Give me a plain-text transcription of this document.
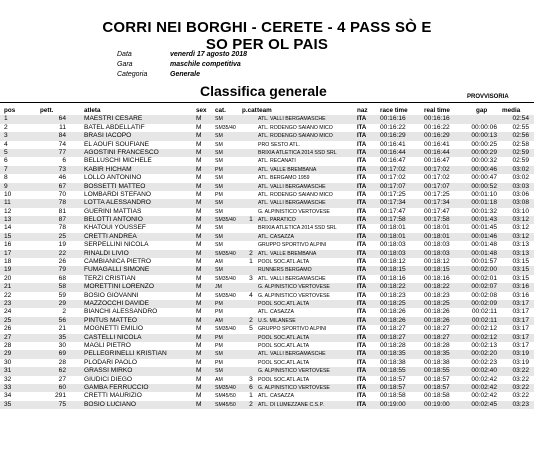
CORRI NEI BORGHI - CERETE - 4 PASS SÒ E
SO PER OL PAIS
Data	venerdì 17 agosto 2018
Gara	maschile competitiva
Categoria	Generale
Classifica generale	PROVVISORIA
pos	pett.	atleta	sex cat.	p.cat team	naz race time	real time	gap media
1	64	MAESTRI CESARE	M	SM	ATL. VALLI BERGAMASCHE	ITA 00:16:16	00:16:16	02:54
2	11	BATEL ABDELLATIF	M	SM35/40	ATL. RODENGO SAIANO MICO	ITA 00:16:22	00:16:22	00:00:06	02:55
3	84	BRASI IACOPO	M	SM	ATL. RODENGO SAIANO MICO	ITA 00:16:29	00:16:29	00:00:13	02:56
4	74	EL AOUFI SOUFIANE	M	SM	PRO SESTO ATL.	ITA 00:16:41	00:16:41	00:00:25	02:58
5	77	AGOSTINI FRANCESCO	M	SM	BRIXIA ATLETICA 2014 SSD SRL	ITA 00:16:44	00:16:44	00:00:29	02:59
6	6	BELLUSCHI MICHELE	M	SM	ATL. RECANATI	ITA 00:16:47	00:16:47	00:00:32	02:59
7	73	KABIR HICHAM	M	PM	ATL. VALLE BREMBANA	ITA 00:17:02	00:17:02	00:00:46	03:02
8	46	LOLLO ANTONINO	M	SM	ATL. BERGAMO 1959	ITA 00:17:02	00:17:02	00:00:47	03:02
9	67	BOSSETTI MATTEO	M	SM	ATL. VALLI BERGAMASCHE	ITA 00:17:07	00:17:07	00:00:52	03:03
10	70	LOMBARDI STEFANO	M	PM	ATL. RODENGO SAIANO MICO	ITA 00:17:25	00:17:25	00:01:10	03:06
11	78	LOTTA ALESSANDRO	M	SM	ATL. VALLI BERGAMASCHE	ITA 00:17:34	00:17:34	00:01:18	03:08
12	81	GUERINI MATTIAS	M	SM	G. ALPINISTICO VERTOVESE	ITA 00:17:47	00:17:47	00:01:32	03:10
13	87	BELOTTI ANTONIO	M	SM35/40	1 ATL. PARATICO	ITA 00:17:58	00:17:58	00:01:43	03:12
14	78	KHATOUI YOUSSEF	M	SM	BRIXIA ATLETICA 2014 SSD SRL	ITA 00:18:01	00:18:01	00:01:45	03:12
15	25	CRETTI ANDREA	M	SM	ATL. CASAZZA	ITA 00:18:01	00:18:01	00:01:46	03:12
16	19	SERPELLINI NICOLA	M	SM	GRUPPO SPORTIVO ALPINI	ITA 00:18:03	00:18:03	00:01:48	03:13
17	22	RINALDI LIVIO	M	SM35/40	2 ATL. VALLE BREMBANA	ITA 00:18:03	00:18:03	00:01:48	03:13
18	26	CAMBIANICA PIETRO	M	AM	1 POOL SOC.ATL.ALTA	ITA 00:18:12	00:18:12	00:01:57	03:15
19	79	FUMAGALLI SIMONE	M	SM	RUNNERS BERGAMO	ITA 00:18:15	00:18:15	00:02:00	03:15
20	68	TERZI CRISTIAN	M	SM35/40	3 ATL. VALLI BERGAMASCHE	ITA 00:18:16	00:18:16	00:02:01	03:15
21	58	MORETTINI LORENZO	M	JM	G. ALPINISTICO VERTOVESE	ITA 00:18:22	00:18:22	00:02:07	03:16
22	59	BOSIO GIOVANNI	M	SM35/40	4 G. ALPINISTICO VERTOVESE	ITA 00:18:23	00:18:23	00:02:08	03:16
23	29	MAZZOCCHI DAVIDE	M	PM	POOL SOC.ATL.ALTA	ITA 00:18:25	00:18:25	00:02:09	03:17
24	2	BIANCHI ALESSANDRO	M	PM	ATL. CASAZZA	ITA 00:18:26	00:18:26	00:02:11	03:17
25	56	PINTUS MATTEO	M	AM	2 U.S. MILANESE	ITA 00:18:26	00:18:26	00:02:11	03:17
26	21	MOGNETTI EMILIO	M	SM35/40	5 GRUPPO SPORTIVO ALPINI	ITA 00:18:27	00:18:27	00:02:12	03:17
27	35	CASTELLI NICOLA	M	PM	POOL SOC.ATL.ALTA	ITA 00:18:27	00:18:27	00:02:12	03:17
28	30	MAGLI PIETRO	M	PM	POOL SOC.ATL.ALTA	ITA 00:18:28	00:18:28	00:02:13	03:17
29	69	PELLEGRINELLI KRISTIAN	M	SM	ATL. VALLI BERGAMASCHE	ITA 00:18:35	00:18:35	00:02:20	03:19
30	28	PLODARI PAOLO	M	PM	POOL SOC.ATL.ALTA	ITA 00:18:38	00:18:38	00:02:23	03:19
31	62	GRASSI MIRKO	M	SM	G. ALPINISTICO VERTOVESE	ITA 00:18:55	00:18:55	00:02:40	03:22
32	27	GIUDICI DIEGO	M	AM	3 POOL SOC.ATL.ALTA	ITA 00:18:57	00:18:57	00:02:42	03:22
33	60	GAMBA FERRUCCIO	M	SM35/40	6 G. ALPINISTICO VERTOVESE	ITA 00:18:57	00:18:57	00:02:42	03:22
34	291	CRETTI MAURIZIO	M	SM45/50	1 ATL. CASAZZA	ITA 00:18:58	00:18:58	00:02:42	03:22
35	75	BOSIO LUCIANO	M	SM45/50	2 ATL. DI LUMEZZANE C.S.P.	ITA 00:19:00	00:19:00	00:02:45	03:23
